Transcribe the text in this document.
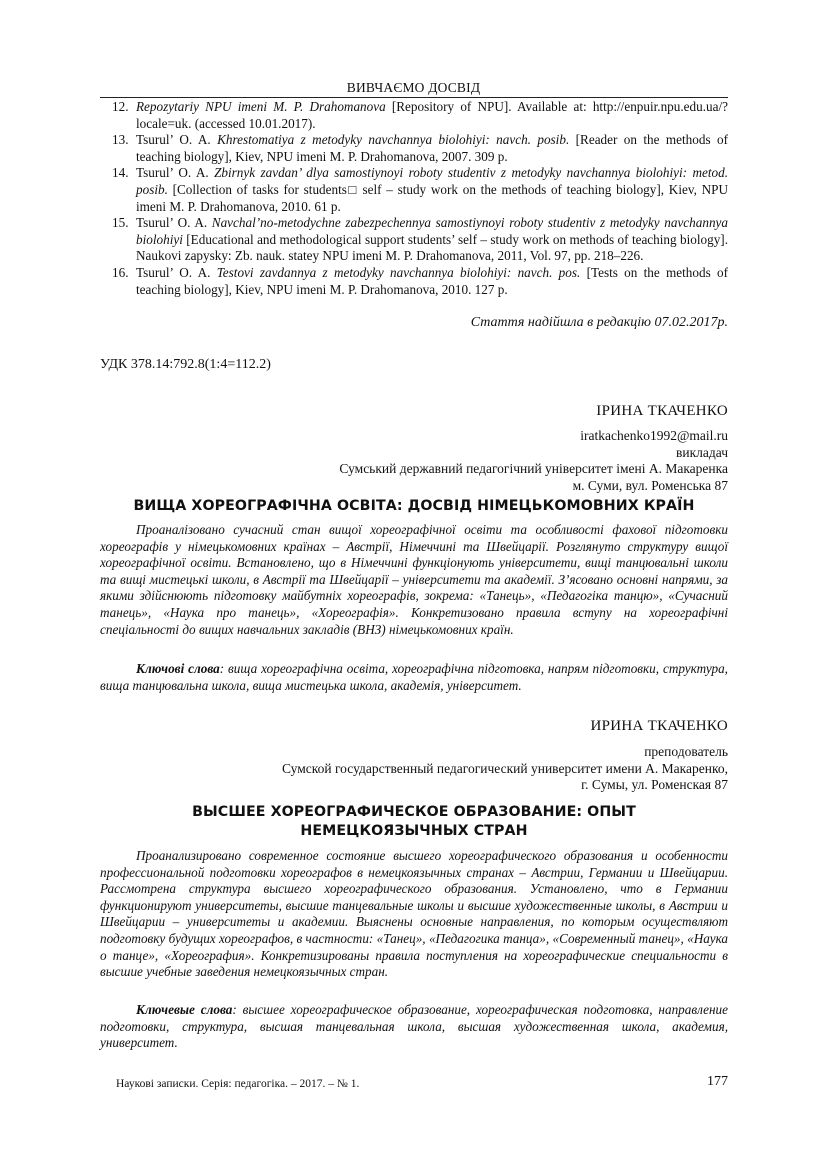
ВИВЧАЄМО ДОСВІД

12. Repozytariy NPU imeni M. P. Drahomanova [Repository of NPU]. Available at: http://enpuir.npu.edu.ua/?locale=uk. (accessed 10.01.2017).

13. Tsurul’ O. A. Khrestomatiya z metodyky navchannya biolohiyi: navch. posib. [Reader on the methods of teaching biology], Kiev, NPU imeni M. P. Drahomanova, 2007. 309 p.

14. Tsurul’ O. A. Zbirnyk zavdan’ dlya samostiynoyi roboty studentiv z metodyky navchannya biolohiyi: metod. posib. [Collection of tasks for students□ self – study work on the methods of teaching biology], Kiev, NPU imeni M. P. Drahomanova, 2010. 61 p.

15. Tsurul’ O. A. Navchal’no-metodychne zabezpechennya samostiynoyi roboty studentiv z metodyky navchannya biolohiyi [Educational and methodological support students’ self – study work on methods of teaching biology]. Naukovi zapysky: Zb. nauk. statey NPU imeni M. P. Drahomanova, 2011, Vol. 97, pp. 218–226.

16. Tsurul’ O. A. Testovi zavdannya z metodyky navchannya biolohiyi: navch. pos. [Tests on the methods of teaching biology], Kiev, NPU imeni M. P. Drahomanova, 2010. 127 p.

Стаття надійшла в редакцію 07.02.2017р.
УДК 378.14:792.8(1:4=112.2)
ІРИНА ТКАЧЕНКО
iratkachenko1992@mail.ru
викладач
Сумський державний педагогічний університет імені А. Макаренка
м. Суми, вул. Роменська 87
ВИЩА ХОРЕОГРАФІЧНА ОСВІТА: ДОСВІД НІМЕЦЬКОМОВНИХ КРАЇН
Проаналізовано сучасний стан вищої хореографічної освіти та особливості фахової підготовки хореографів у німецькомовних країнах – Австрії, Німеччині та Швейцарії. Розглянуто структуру вищої хореографічної освіти. Встановлено, що в Німеччині функціонують університети, вищі танцювальні школи та вищі мистецькі школи, в Австрії та Швейцарії – університети та академії. З’ясовано основні напрями, за якими здійснюють підготовку майбутніх хореографів, зокрема: «Танець», «Педагогіка танцю», «Сучасний танець», «Наука про танець», «Хореографія». Конкретизовано правила вступу на хореографічні спеціальності до вищих навчальних закладів (ВНЗ) німецькомовних країн.
Ключові слова: вища хореографічна освіта, хореографічна підготовка, напрям підготовки, структура, вища танцювальна школа, вища мистецька школа, академія, університет.
ИРИНА ТКАЧЕНКО
преподователь
Сумской государственный педагогический университет имени А. Макаренко,
г. Сумы, ул. Роменская 87
ВЫСШЕЕ ХОРЕОГРАФИЧЕСКОЕ ОБРАЗОВАНИЕ: ОПЫТ
НЕМЕЦКОЯЗЫЧНЫХ СТРАН
Проанализировано современное состояние высшего хореографического образования и особенности профессиональной подготовки хореографов в немецкоязычных странах – Австрии, Германии и Швейцарии. Рассмотрена структура высшего хореографического образования. Установлено, что в Германии функционируют университеты, высшие танцевальные школы и высшие художественные школы, в Австрии и Швейцарии – университеты и академии. Выяснены основные направления, по которым осуществляют подготовку будущих хореографов, в частности: «Танец», «Педагогика танца», «Современный танец», «Наука о танце», «Хореография». Конкретизированы правила поступления на хореографические специальности в высшие учебные заведения немецкоязычных стран.
Ключевые слова: высшее хореографическое образование, хореографическая подготовка, направление подготовки, структура, высшая танцевальная школа, высшая художественная школа, академия, университет.
Наукові записки. Серія: педагогіка. – 2017. – № 1.	177
